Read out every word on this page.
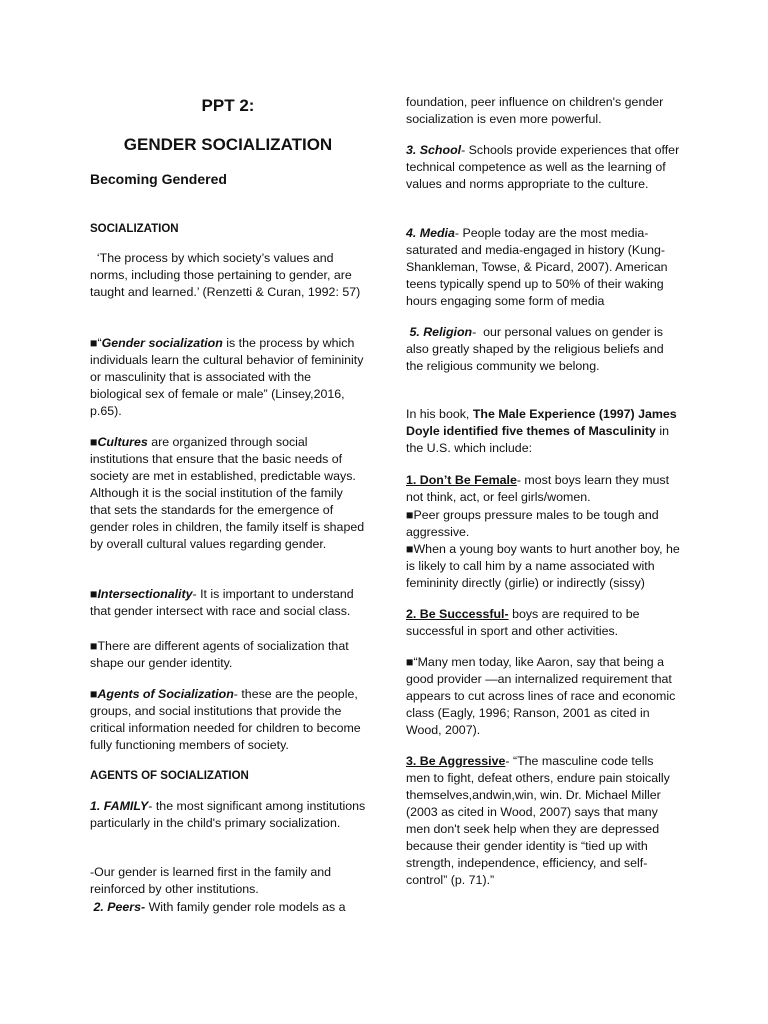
PPT 2:
GENDER SOCIALIZATION
Becoming Gendered
SOCIALIZATION

‘The process by which society’s values and norms, including those pertaining to gender, are taught and learned.’ (Renzetti & Curan, 1992: 57)

■“Gender socialization is the process by which individuals learn the cultural behavior of femininity or masculinity that is associated with the biological sex of female or male” (Linsey,2016, p.65).

■Cultures are organized through social institutions that ensure that the basic needs of society are met in established, predictable ways. Although it is the social institution of the family that sets the standards for the emergence of gender roles in children, the family itself is shaped by overall cultural values regarding gender.

■Intersectionality- It is important to understand that gender intersect with race and social class.

■There are different agents of socialization that shape our gender identity.

■Agents of Socialization- these are the people, groups, and social institutions that provide the critical information needed for children to become fully functioning members of society.

AGENTS OF SOCIALIZATION

1. FAMILY- the most significant among institutions particularly in the child's primary socialization.

-Our gender is learned first in the family and reinforced by other institutions.

2. Peers- With family gender role models as a

foundation, peer influence on children's gender socialization is even more powerful.

3. School- Schools provide experiences that offer technical competence as well as the learning of values and norms appropriate to the culture.

4. Media- People today are the most media-saturated and media-engaged in history (Kung-Shankleman, Towse, & Picard, 2007). American teens typically spend up to 50% of their waking hours engaging some form of media

5. Religion-  our personal values on gender is also greatly shaped by the religious beliefs and the religious community we belong.

In his book, The Male Experience (1997) James Doyle identified five themes of Masculinity in the U.S. which include:

1. Don’t Be Female- most boys learn they must not think, act, or feel girls/women.

■Peer groups pressure males to be tough and aggressive.

■When a young boy wants to hurt another boy, he is likely to call him by a name associated with femininity directly (girlie) or indirectly (sissy)

2. Be Successful- boys are required to be successful in sport and other activities.

■“Many men today, like Aaron, say that being a good provider —an internalized requirement that appears to cut across lines of race and economic class (Eagly, 1996; Ranson, 2001 as cited in Wood, 2007).

3. Be Aggressive- “The masculine code tells men to fight, defeat others, endure pain stoically themselves,andwin,win, win. Dr. Michael Miller (2003 as cited in Wood, 2007) says that many men don't seek help when they are depressed because their gender identity is “tied up with strength, independence, efficiency, and self-control” (p. 71).”
